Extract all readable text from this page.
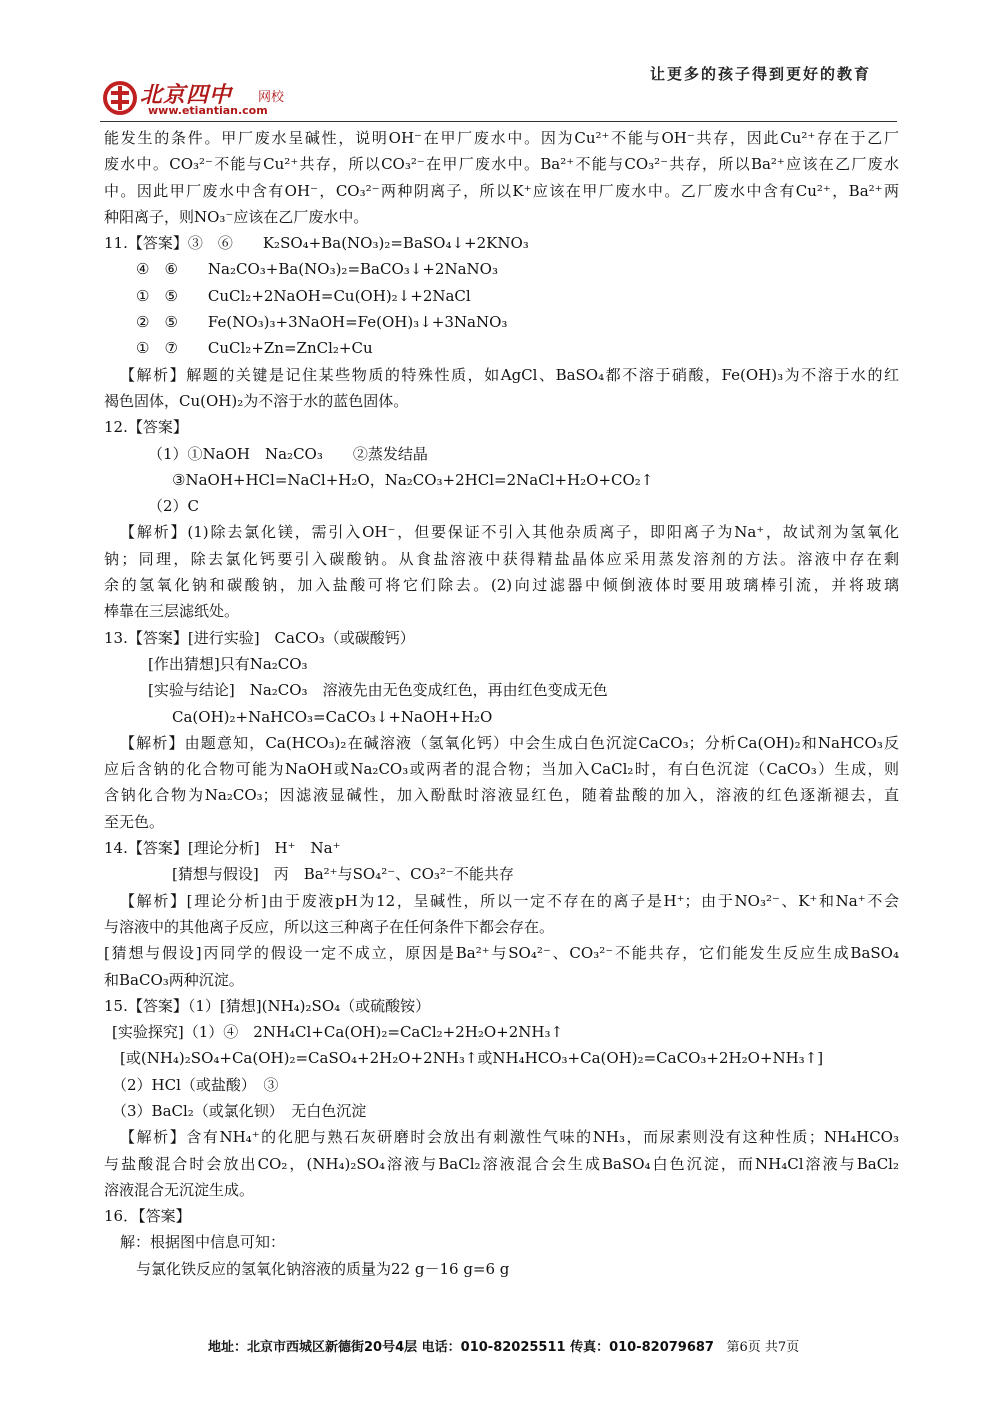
让更多的孩子得到更好的教育
北京四中 网校
www.etiantian.com
能发生的条件。甲厂废水呈碱性，说明OH⁻在甲厂废水中。因为Cu²⁺不能与OH⁻共存，因此Cu²⁺存在于乙厂
废水中。CO₃²⁻不能与Cu²⁺共存，所以CO₃²⁻在甲厂废水中。Ba²⁺不能与CO₃²⁻共存，所以Ba²⁺应该在乙厂废水
中。因此甲厂废水中含有OH⁻，CO₃²⁻两种阴离子，所以K⁺应该在甲厂废水中。乙厂废水中含有Cu²⁺，Ba²⁺两
种阳离子，则NO₃⁻应该在乙厂废水中。
11.【答案】③　⑥　　K₂SO₄+Ba(NO₃)₂=BaSO₄↓+2KNO₃
④　⑥　　Na₂CO₃+Ba(NO₃)₂=BaCO₃↓+2NaNO₃
①　⑤　　CuCl₂+2NaOH=Cu(OH)₂↓+2NaCl
②　⑤　　Fe(NO₃)₃+3NaOH=Fe(OH)₃↓+3NaNO₃
①　⑦　　CuCl₂+Zn=ZnCl₂+Cu
【解析】解题的关键是记住某些物质的特殊性质，如AgCl、BaSO₄都不溶于硝酸，Fe(OH)₃为不溶于水的红
褐色固体，Cu(OH)₂为不溶于水的蓝色固体。
12.【答案】
（1）①NaOH　Na₂CO₃　　②蒸发结晶
③NaOH+HCl=NaCl+H₂O，Na₂CO₃+2HCl=2NaCl+H₂O+CO₂↑
（2）C
【解析】(1)除去氯化镁，需引入OH⁻，但要保证不引入其他杂质离子，即阳离子为Na⁺，故试剂为氢氧化
钠；同理，除去氯化钙要引入碳酸钠。从食盐溶液中获得精盐晶体应采用蒸发溶剂的方法。溶液中存在剩
余的氢氧化钠和碳酸钠，加入盐酸可将它们除去。(2)向过滤器中倾倒液体时要用玻璃棒引流，并将玻璃
棒靠在三层滤纸处。
13.【答案】[进行实验]　CaCO₃（或碳酸钙）
[作出猜想]只有Na₂CO₃
[实验与结论]　Na₂CO₃　溶液先由无色变成红色，再由红色变成无色
Ca(OH)₂+NaHCO₃=CaCO₃↓+NaOH+H₂O
【解析】由题意知，Ca(HCO₃)₂在碱溶液（氢氧化钙）中会生成白色沉淀CaCO₃；分析Ca(OH)₂和NaHCO₃反
应后含钠的化合物可能为NaOH或Na₂CO₃或两者的混合物；当加入CaCl₂时，有白色沉淀（CaCO₃）生成，则
含钠化合物为Na₂CO₃；因滤液显碱性，加入酚酞时溶液显红色，随着盐酸的加入，溶液的红色逐渐褪去，直
至无色。
14.【答案】[理论分析]　H⁺　Na⁺
[猜想与假设]　丙　Ba²⁺与SO₄²⁻、CO₃²⁻不能共存
【解析】[理论分析]由于废液pH为12，呈碱性，所以一定不存在的离子是H⁺；由于NO₃²⁻、K⁺和Na⁺不会
与溶液中的其他离子反应，所以这三种离子在任何条件下都会存在。
[猜想与假设]丙同学的假设一定不成立，原因是Ba²⁺与SO₄²⁻、CO₃²⁻不能共存，它们能发生反应生成BaSO₄
和BaCO₃两种沉淀。
15.【答案】（1）[猜想](NH₄)₂SO₄（或硫酸铵）
[实验探究]（1）④　2NH₄Cl+Ca(OH)₂=CaCl₂+2H₂O+2NH₃↑
[或(NH₄)₂SO₄+Ca(OH)₂=CaSO₄+2H₂O+2NH₃↑或NH₄HCO₃+Ca(OH)₂=CaCO₃+2H₂O+NH₃↑]
（2）HCl（或盐酸）　③
（3）BaCl₂（或氯化钡）　无白色沉淀
【解析】含有NH₄⁺的化肥与熟石灰研磨时会放出有刺激性气味的NH₃，而尿素则没有这种性质；NH₄HCO₃
与盐酸混合时会放出CO₂，(NH₄)₂SO₄溶液与BaCl₂溶液混合会生成BaSO₄白色沉淀，而NH₄Cl溶液与BaCl₂
溶液混合无沉淀生成。
16．【答案】
解：根据图中信息可知：
与氯化铁反应的氢氧化钠溶液的质量为22 g－16 g=6 g
地址：北京市西城区新德街20号4层 电话：010-82025511 传真：010-82079687 第6页 共7页
